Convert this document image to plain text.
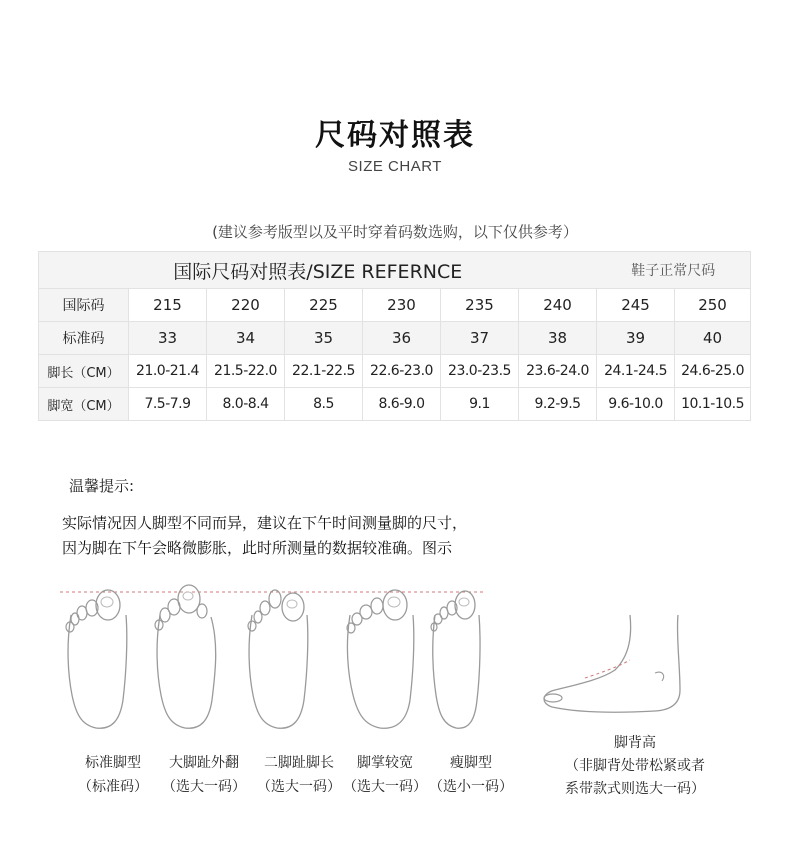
尺码对照表
SIZE CHART
(建议参考版型以及平时穿着码数选购，以下仅供参考）
国际尺码对照表/SIZE REFERNCE							鞋子正常尺码	
国际码	215	220	225	230	235	240	245	250
标准码	33	34	35	36	37	38	39	40
脚长（CM）	21.0-21.4	21.5-22.0	22.1-22.5	22.6-23.0	23.0-23.5	23.6-24.0	24.1-24.5	24.6-25.0
脚宽（CM）	7.5-7.9	8.0-8.4	8.5	8.6-9.0	9.1	9.2-9.5	9.6-10.0	10.1-10.5
温馨提示:
实际情况因人脚型不同而异，建议在下午时间测量脚的尺寸，
因为脚在下午会略微膨胀，此时所测量的数据较准确。图示
标准脚型
（标准码）
大脚趾外翻
（选大一码）
二脚趾脚长
（选大一码）
脚掌较宽
（选大一码）
瘦脚型
（选小一码）
脚背高
（非脚背处带松紧或者
系带款式则选大一码）
